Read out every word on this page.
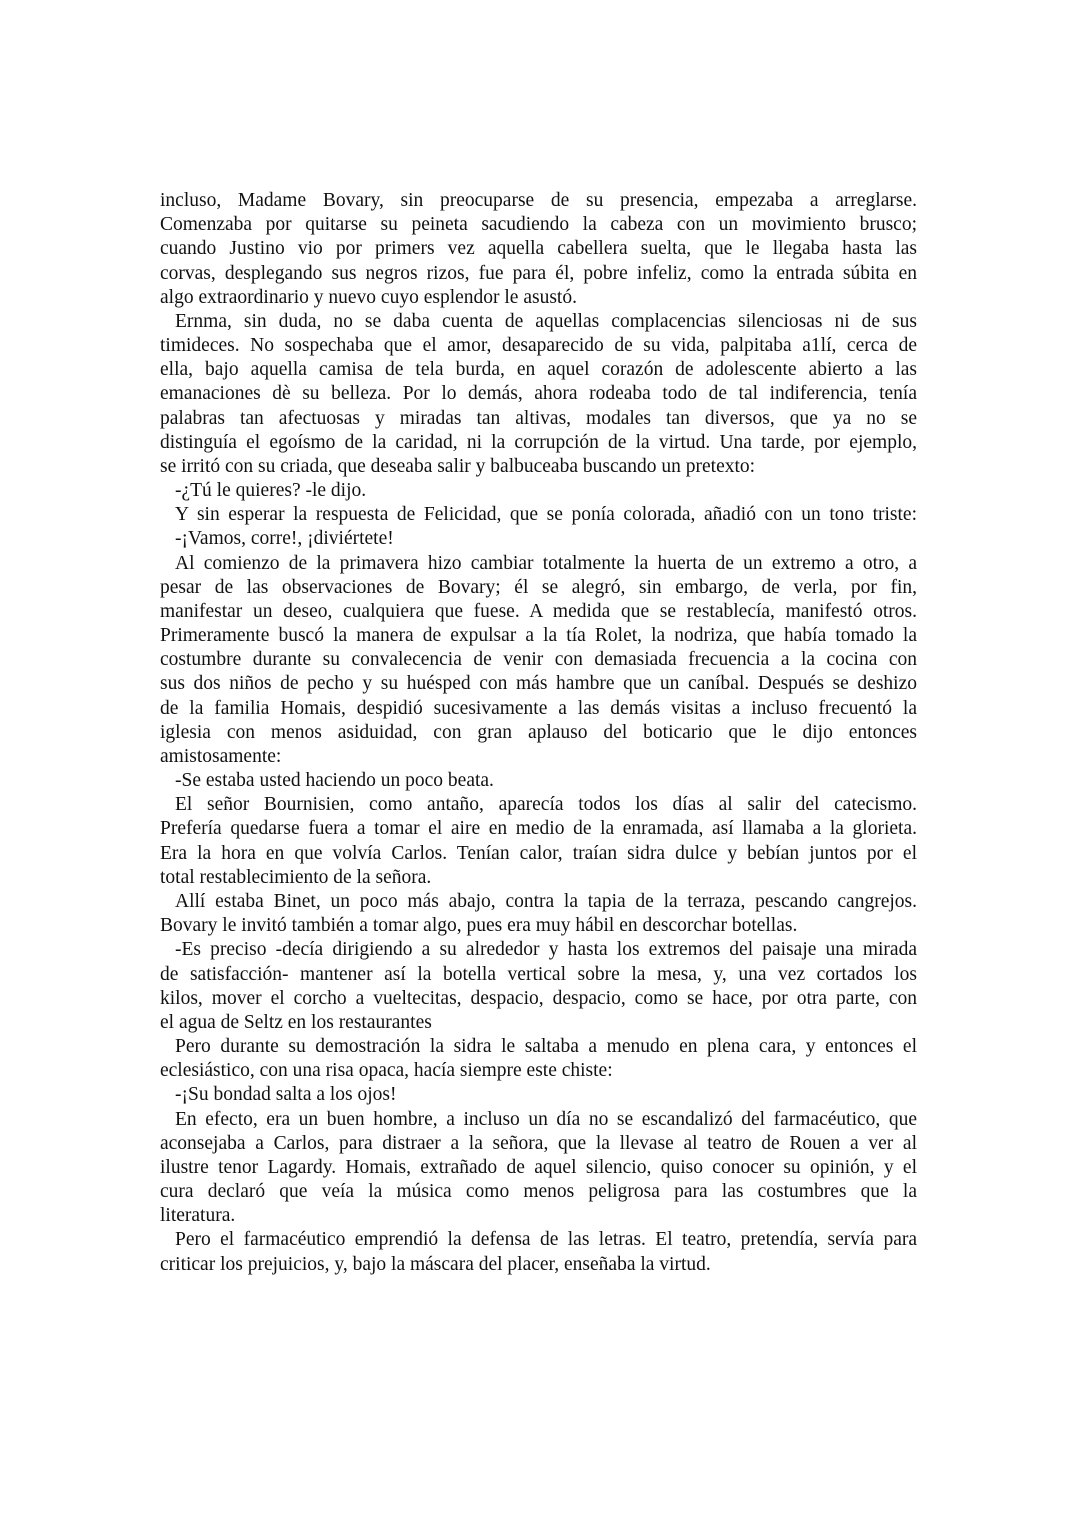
incluso, Madame Bovary, sin preocuparse de su presencia, empezaba a arreglarse.
Comenzaba por quitarse su peineta sacudiendo la cabeza con un movimiento brusco;
cuando Justino vio por primers vez aquella cabellera suelta, que le llegaba hasta las
corvas, desplegando sus negros rizos, fue para él, pobre infeliz, como la entrada súbita en
algo extraordinario y nuevo cuyo esplendor le asustó.
Ernma, sin duda, no se daba cuenta de aquellas complacencias silenciosas ni de sus
timideces. No sospechaba que el amor, desaparecido de su vida, palpitaba a1lí, cerca de
ella, bajo aquella camisa de tela burda, en aquel corazón de adolescente abierto a las
emanaciones dè su belleza. Por lo demás, ahora rodeaba todo de tal indiferencia, tenía
palabras tan afectuosas y miradas tan altivas, modales tan diversos, que ya no se
distinguía el egoísmo de la caridad, ni la corrupción de la virtud. Una tarde, por ejemplo,
se irritó con su criada, que deseaba salir y balbuceaba buscando un pretexto:
-¿Tú le quieres? -le dijo.
Y sin esperar la respuesta de Felicidad, que se ponía colorada, añadió con un tono triste:
-¡Vamos, corre!, ¡diviértete!
Al comienzo de la primavera hizo cambiar totalmente la huerta de un extremo a otro, a
pesar de las observaciones de Bovary; él se alegró, sin embargo, de verla, por fin,
manifestar un deseo, cualquiera que fuese. A medida que se restablecía, manifestó otros.
Primeramente buscó la manera de expulsar a la tía Rolet, la nodriza, que había tomado la
costumbre durante su convalecencia de venir con demasiada frecuencia a la cocina con
sus dos niños de pecho y su huésped con más hambre que un caníbal. Después se deshizo
de la familia Homais, despidió sucesivamente a las demás visitas a incluso frecuentó la
iglesia con menos asiduidad, con gran aplauso del boticario que le dijo entonces
amistosamente:
-Se estaba usted haciendo un poco beata.
El señor Bournisien, como antaño, aparecía todos los días al salir del catecismo.
Prefería quedarse fuera a tomar el aire en medio de la enramada, así llamaba a la glorieta.
Era la hora en que volvía Carlos. Tenían calor, traían sidra dulce y bebían juntos por el
total restablecimiento de la señora.
Allí estaba Binet, un poco más abajo, contra la tapia de la terraza, pescando cangrejos.
Bovary le invitó también a tomar algo, pues era muy hábil en descorchar botellas.
-Es preciso -decía dirigiendo a su alrededor y hasta los extremos del paisaje una mirada
de satisfacción- mantener así la botella vertical sobre la mesa, y, una vez cortados los
kilos, mover el corcho a vueltecitas, despacio, despacio, como se hace, por otra parte, con
el agua de Seltz en los restaurantes
Pero durante su demostración la sidra le saltaba a menudo en plena cara, y entonces el
eclesiástico, con una risa opaca, hacía siempre este chiste:
-¡Su bondad salta a los ojos!
En efecto, era un buen hombre, a incluso un día no se escandalizó del farmacéutico, que
aconsejaba a Carlos, para distraer a la señora, que la llevase al teatro de Rouen a ver al
ilustre tenor Lagardy. Homais, extrañado de aquel silencio, quiso conocer su opinión, y el
cura declaró que veía la música como menos peligrosa para las costumbres que la
literatura.
Pero el farmacéutico emprendió la defensa de las letras. El teatro, pretendía, servía para
criticar los prejuicios, y, bajo la máscara del placer, enseñaba la virtud.
